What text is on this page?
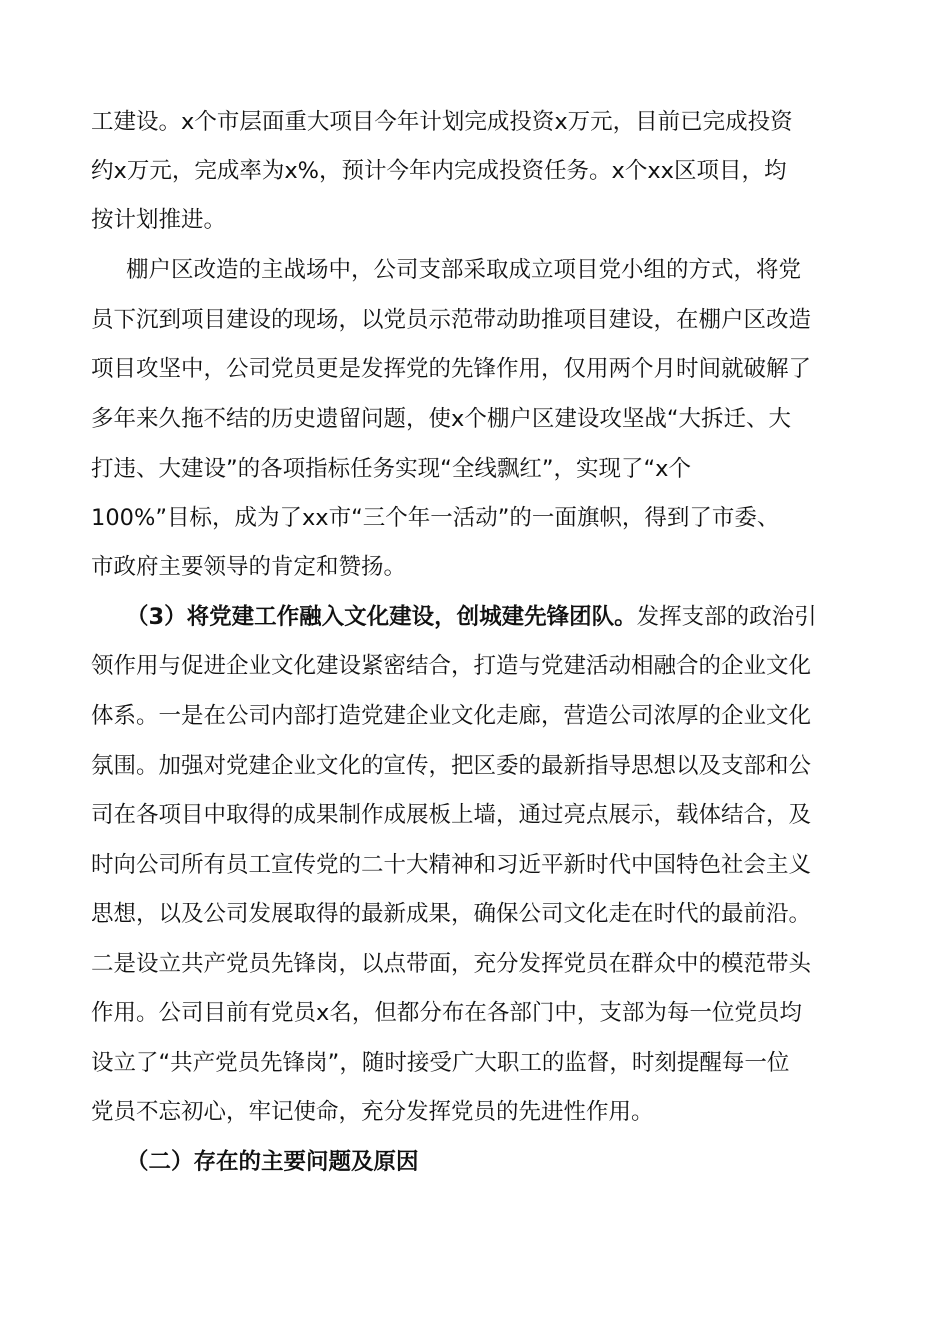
工建设。x个市层面重大项目今年计划完成投资x万元，目前已完成投资
约x万元，完成率为x%，预计今年内完成投资任务。x个xx区项目，均
按计划推进。
棚户区改造的主战场中，公司支部采取成立项目党小组的方式，将党
员下沉到项目建设的现场，以党员示范带动助推项目建设，在棚户区改造
项目攻坚中，公司党员更是发挥党的先锋作用，仅用两个月时间就破解了
多年来久拖不结的历史遗留问题，使x个棚户区建设攻坚战“大拆迁、大
打违、大建设”的各项指标任务实现“全线飘红”，实现了“x个
100%”目标，成为了xx市“三个年一活动”的一面旗帜，得到了市委、
市政府主要领导的肯定和赞扬。
（3）将党建工作融入文化建设，创城建先锋团队。发挥支部的政治引
领作用与促进企业文化建设紧密结合，打造与党建活动相融合的企业文化
体系。一是在公司内部打造党建企业文化走廊，营造公司浓厚的企业文化
氛围。加强对党建企业文化的宣传，把区委的最新指导思想以及支部和公
司在各项目中取得的成果制作成展板上墙，通过亮点展示，载体结合，及
时向公司所有员工宣传党的二十大精神和习近平新时代中国特色社会主义
思想，以及公司发展取得的最新成果，确保公司文化走在时代的最前沿。
二是设立共产党员先锋岗，以点带面，充分发挥党员在群众中的模范带头
作用。公司目前有党员x名，但都分布在各部门中，支部为每一位党员均
设立了“共产党员先锋岗”，随时接受广大职工的监督，时刻提醒每一位
党员不忘初心，牢记使命，充分发挥党员的先进性作用。
（二）存在的主要问题及原因
